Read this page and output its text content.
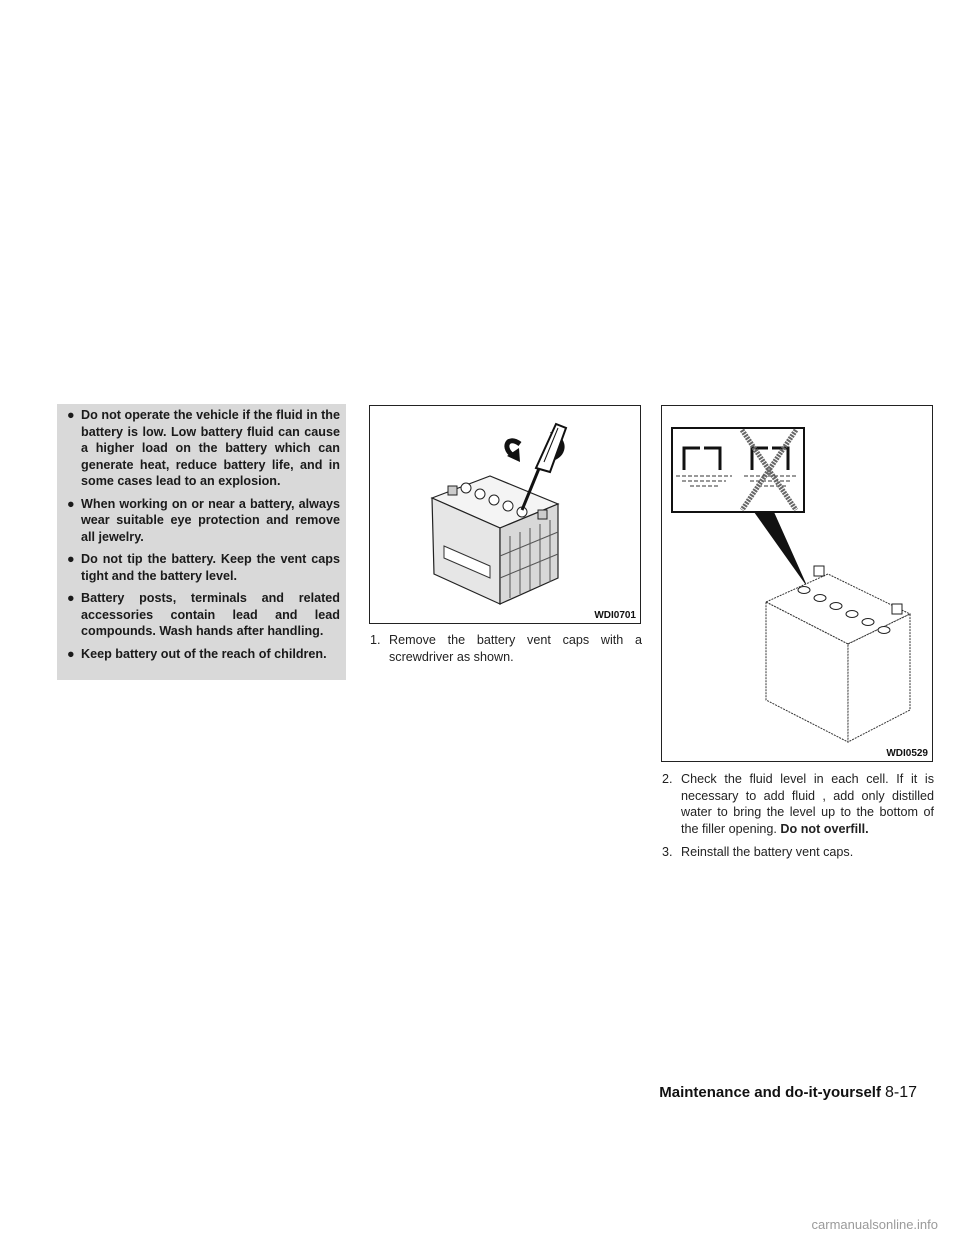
● Do not operate the vehicle if the fluid in the battery is low. Low battery fluid can cause a higher load on the battery which can generate heat, reduce battery life, and in some cases lead to an explosion.
● When working on or near a battery, always wear suitable eye protection and remove all jewelry.
● Do not tip the battery. Keep the vent caps tight and the battery level.
● Battery posts, terminals and related accessories contain lead and lead compounds. Wash hands after handling.
● Keep battery out of the reach of children.
WDI0701
1. Remove the battery vent caps with a screwdriver as shown.
WDI0529
2. Check the fluid level in each cell. If it is necessary to add fluid , add only distilled water to bring the level up to the bottom of the filler opening. Do not overfill.
3. Reinstall the battery vent caps.
Maintenance and do-it-yourself 8-17
carmanualsonline.info
